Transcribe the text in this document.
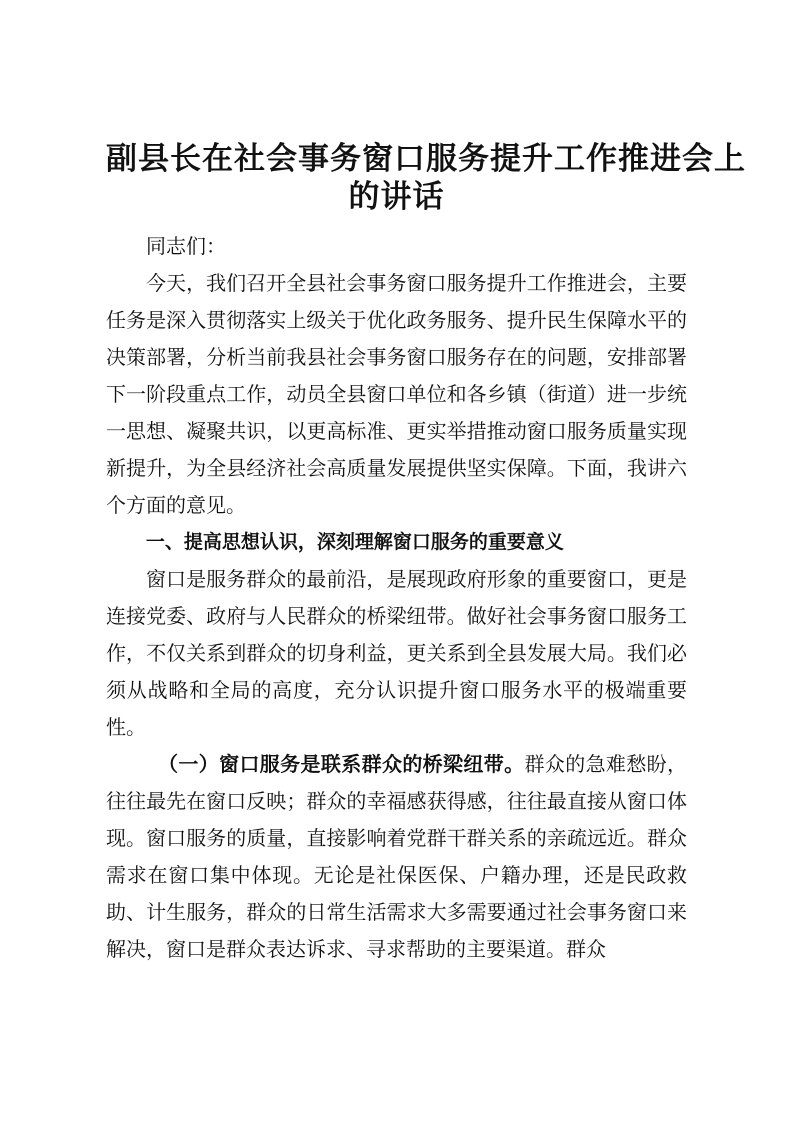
副县长在社会事务窗口服务提升工作推进会上
的讲话

同志们：

今天，我们召开全县社会事务窗口服务提升工作推进会，主要任务是深入贯彻落实上级关于优化政务服务、提升民生保障水平的决策部署，分析当前我县社会事务窗口服务存在的问题，安排部署下一阶段重点工作，动员全县窗口单位和各乡镇（街道）进一步统一思想、凝聚共识，以更高标准、更实举措推动窗口服务质量实现新提升，为全县经济社会高质量发展提供坚实保障。下面，我讲六个方面的意见。

一、提高思想认识，深刻理解窗口服务的重要意义

窗口是服务群众的最前沿，是展现政府形象的重要窗口，更是连接党委、政府与人民群众的桥梁纽带。做好社会事务窗口服务工作，不仅关系到群众的切身利益，更关系到全县发展大局。我们必须从战略和全局的高度，充分认识提升窗口服务水平的极端重要性。

（一）窗口服务是联系群众的桥梁纽带。群众的急难愁盼，往往最先在窗口反映；群众的幸福感获得感，往往最直接从窗口体现。窗口服务的质量，直接影响着党群干群关系的亲疏远近。群众需求在窗口集中体现。无论是社保医保、户籍办理，还是民政救助、计生服务，群众的日常生活需求大多需要通过社会事务窗口来解决，窗口是群众表达诉求、寻求帮助的主要渠道。群众
